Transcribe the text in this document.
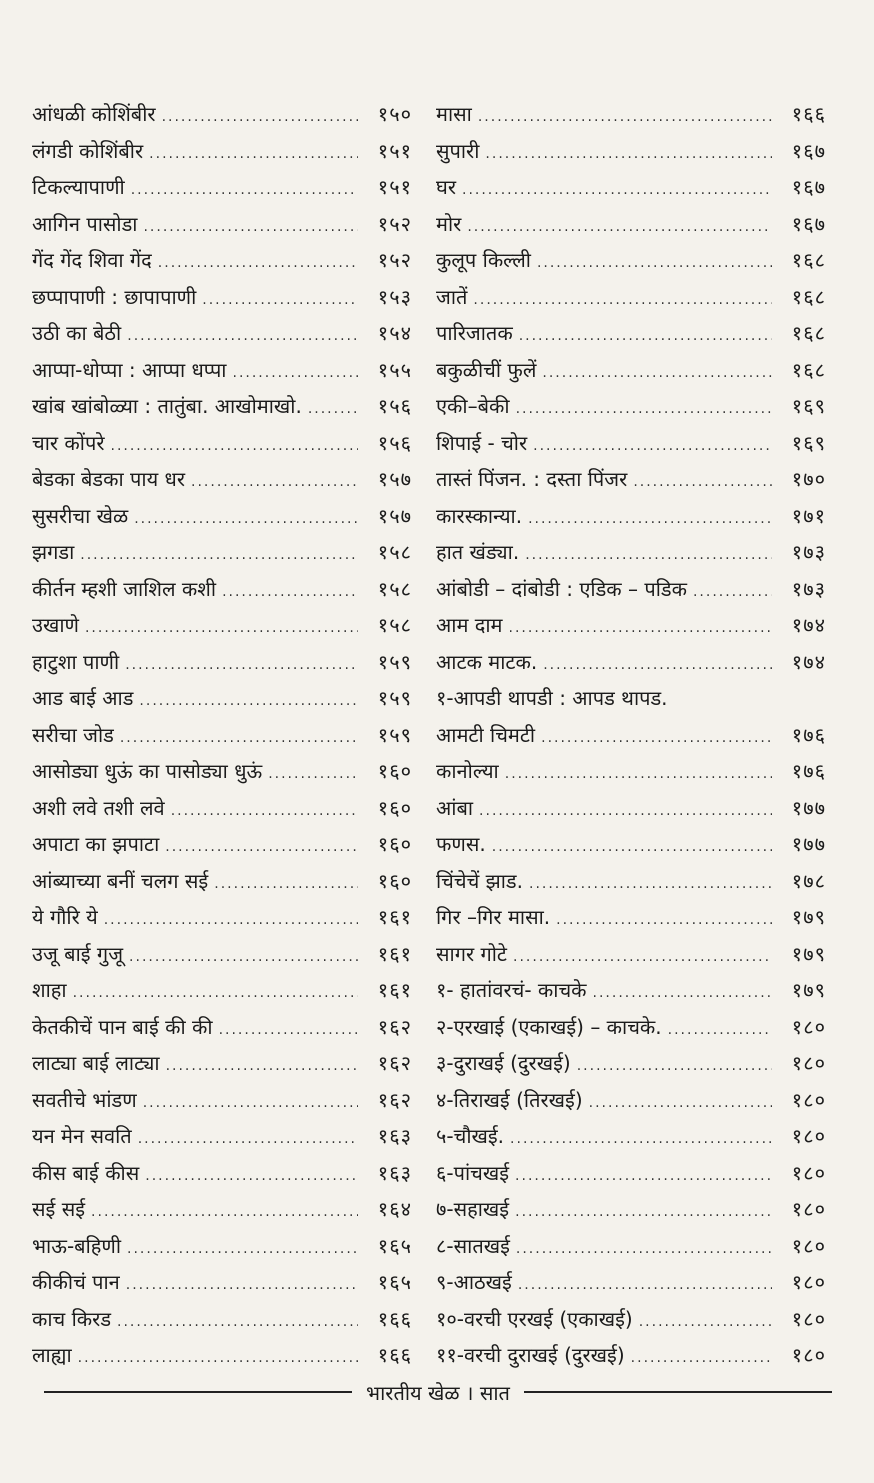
आंधळी कोशिंबीर .....	१५०
लंगडी कोशिंबीर .....	१५१
टिकल्यापाणी .....	१५१
आगिन पासोडा .....	१५२
गेंद गेंद शिवा गेंद .....	१५२
छप्पापाणी : छापापाणी .....	१५३
उठी का बेठी .....	१५४
आप्पा-धोप्पा : आप्पा धप्पा .....	१५५
खांब खांबोळ्या : तातुंबा. आखोमाखो. .....	१५६
चार कोंपरे .....	१५६
बेडका बेडका पाय धर .....	१५७
सुसरीचा खेळ .....	१५७
झगडा .....	१५८
कीर्तन म्हशी जाशिल कशी .....	१५८
उखाणे .....	१५८
हाटुशा पाणी .....	१५९
आड बाई आड .....	१५९
सरीचा जोड .....	१५९
आसोड्या धुऊं का पासोड्या धुऊं .....	१६०
अशी लवे तशी लवे .....	१६०
अपाटा का झपाटा .....	१६०
आंब्याच्या बनीं चलग सई .....	१६०
ये गौरि ये .....	१६१
उजू बाई गुजू .....	१६१
शाहा .....	१६१
केतकीचें पान बाई की की .....	१६२
लाट्या बाई लाट्या .....	१६२
सवतीचे भांडण .....	१६२
यन मेन सवति .....	१६३
कीस बाई कीस .....	१६३
सई सई .....	१६४
भाऊ-बहिणी .....	१६५
कीकीचं पान .....	१६५
काच किरड .....	१६६
लाह्या .....	१६६
मासा .....	१६६
सुपारी .....	१६७
घर .....	१६७
मोर .....	१६७
कुलूप किल्ली .....	१६८
जातें .....	१६८
पारिजातक .....	१६८
बकुळीचीं फुलें .....	१६८
एकी–बेकी .....	१६९
शिपाई - चोर .....	१६९
तास्तं पिंजन. : दस्ता पिंजर .....	१७०
कारस्कान्या. .....	१७१
हात खंड्या. .....	१७३
आंबोडी – दांबोडी : एडिक – पडिक .....	१७३
आम दाम .....	१७४
आटक माटक. .....	१७४
१-आपडी थापडी : आपड थापड.
आमटी चिमटी .....	१७६
कानोल्या .....	१७६
आंबा .....	१७७
फणस. .....	१७७
चिंचेचें झाड. .....	१७८
गिर –गिर मासा. .....	१७९
सागर गोटे .....	१७९
१- हातांवरचं- काचके .....	१७९
२-एरखाई (एकाखई) – काचके. .....	१८०
३-दुराखई (दुरखई) .....	१८०
४-तिराखई (तिरखई) .....	१८०
५-चौखई. .....	१८०
६-पांचखई .....	१८०
७-सहाखई .....	१८०
८-सातखई .....	१८०
९-आठखई .....	१८०
१०-वरची एरखई (एकाखई) .....	१८०
११-वरची दुराखई (दुरखई) .....	१८०
भारतीय खेळ । सात
